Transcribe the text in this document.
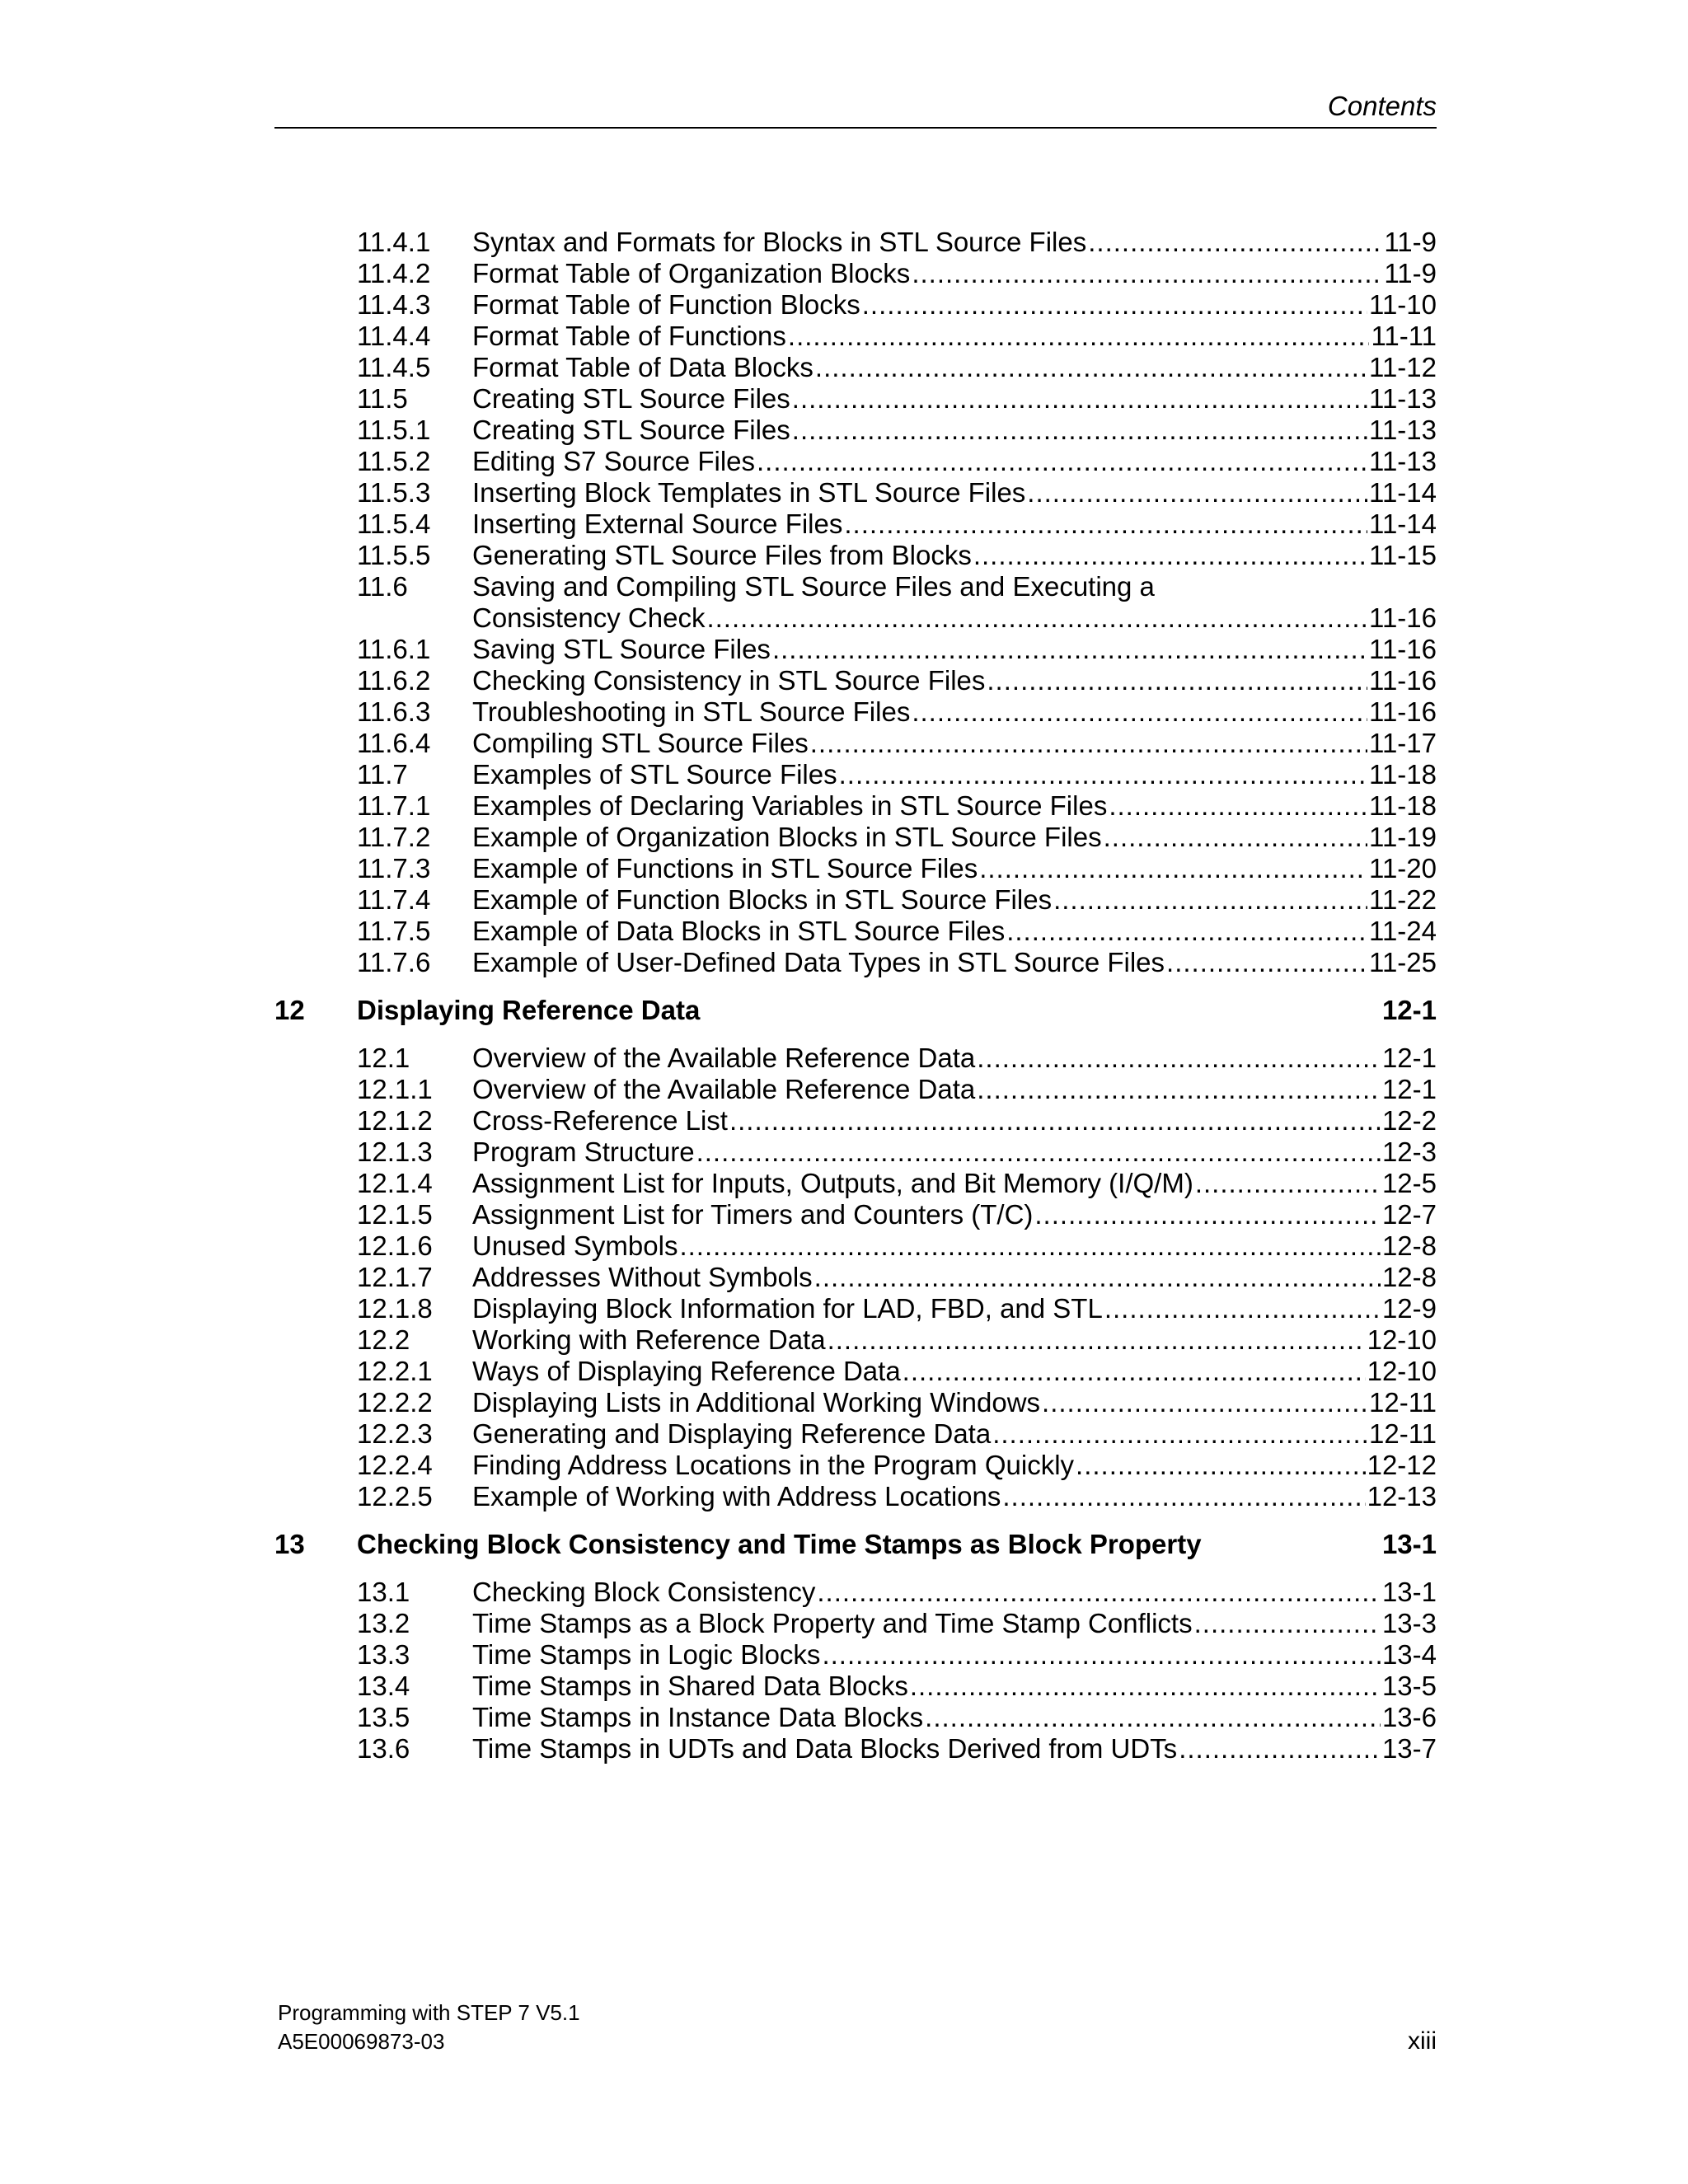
Contents
11.4.1	Syntax and Formats for Blocks in STL Source Files .....	11-9
11.4.2	Format Table of Organization Blocks .....	11-9
11.4.3	Format Table of Function Blocks .....	11-10
11.4.4	Format Table of Functions .....	11-11
11.4.5	Format Table of Data Blocks .....	11-12
11.5	Creating STL Source Files .....	11-13
11.5.1	Creating STL Source Files .....	11-13
11.5.2	Editing S7 Source Files .....	11-13
11.5.3	Inserting Block Templates in STL Source Files .....	11-14
11.5.4	Inserting External Source Files .....	11-14
11.5.5	Generating STL Source Files from Blocks .....	11-15
11.6	Saving and Compiling STL Source Files and Executing a
Consistency Check .....	11-16
11.6.1	Saving STL Source Files .....	11-16
11.6.2	Checking Consistency in STL Source Files .....	11-16
11.6.3	Troubleshooting in STL Source Files .....	11-16
11.6.4	Compiling STL Source Files .....	11-17
11.7	Examples of STL Source Files .....	11-18
11.7.1	Examples of Declaring Variables in STL Source Files .....	11-18
11.7.2	Example of Organization Blocks in STL Source Files .....	11-19
11.7.3	Example of Functions in STL Source Files .....	11-20
11.7.4	Example of Function Blocks in STL Source Files .....	11-22
11.7.5	Example of Data Blocks in STL Source Files .....	11-24
11.7.6	Example of User-Defined Data Types in STL Source Files .....	11-25
12	Displaying Reference Data	12-1
12.1	Overview of the Available Reference Data .....	12-1
12.1.1	Overview of the Available Reference Data .....	12-1
12.1.2	Cross-Reference List .....	12-2
12.1.3	Program Structure .....	12-3
12.1.4	Assignment List for Inputs, Outputs, and Bit Memory (I/Q/M) .....	12-5
12.1.5	Assignment List for Timers and Counters (T/C) .....	12-7
12.1.6	Unused Symbols .....	12-8
12.1.7	Addresses Without Symbols .....	12-8
12.1.8	Displaying Block Information for LAD, FBD, and STL .....	12-9
12.2	Working with Reference Data .....	12-10
12.2.1	Ways of Displaying Reference Data .....	12-10
12.2.2	Displaying Lists in Additional Working Windows .....	12-11
12.2.3	Generating and Displaying Reference Data .....	12-11
12.2.4	Finding Address Locations in the Program Quickly .....	12-12
12.2.5	Example of Working with Address Locations .....	12-13
13	Checking Block Consistency and Time Stamps as Block Property	13-1
13.1	Checking Block Consistency .....	13-1
13.2	Time Stamps as a Block Property and Time Stamp Conflicts .....	13-3
13.3	Time Stamps in Logic Blocks .....	13-4
13.4	Time Stamps in Shared Data Blocks .....	13-5
13.5	Time Stamps in Instance Data Blocks .....	13-6
13.6	Time Stamps in UDTs and Data Blocks Derived from UDTs .....	13-7
Programming with STEP 7 V5.1
A5E00069873-03	xiii
